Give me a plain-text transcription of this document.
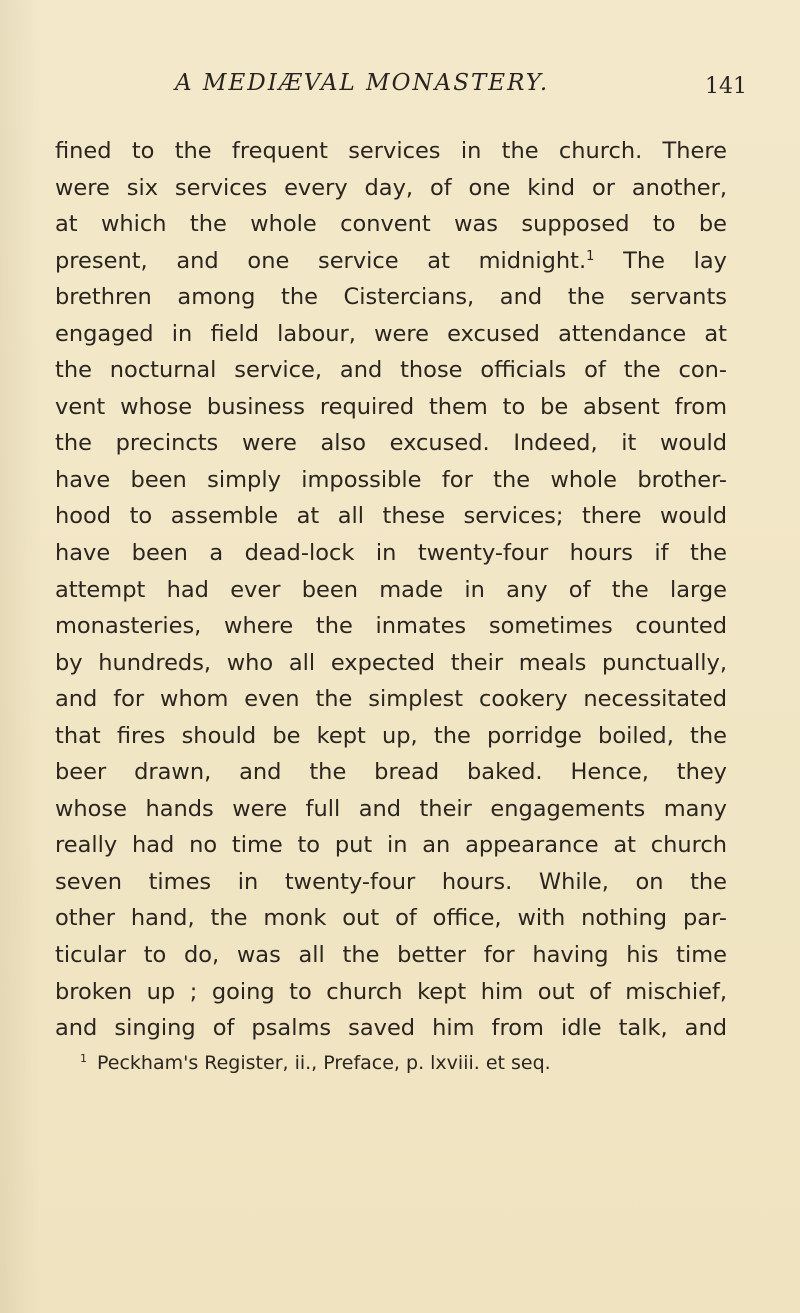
A MEDIÆVAL MONASTERY.	141
fined to the frequent services in the church. There
were six services every day, of one kind or another,
at which the whole convent was supposed to be
present, and one service at midnight.$^1$ The lay
brethren among the Cistercians, and the servants
engaged in field labour, were excused attendance at
the nocturnal service, and those officials of the con-
vent whose business required them to be absent from
the precincts were also excused. Indeed, it would
have been simply impossible for the whole brother-
hood to assemble at all these services; there would
have been a dead-lock in twenty-four hours if the
attempt had ever been made in any of the large
monasteries, where the inmates sometimes counted
by hundreds, who all expected their meals punctually,
and for whom even the simplest cookery necessitated
that fires should be kept up, the porridge boiled, the
beer drawn, and the bread baked. Hence, they
whose hands were full and their engagements many
really had no time to put in an appearance at church
seven times in twenty-four hours. While, on the
other hand, the monk out of office, with nothing par-
ticular to do, was all the better for having his time
broken up ; going to church kept him out of mischief,
and singing of psalms saved him from idle talk, and
$^1$ Peckham's Register, ii., Preface, p. lxviii. et seq.
